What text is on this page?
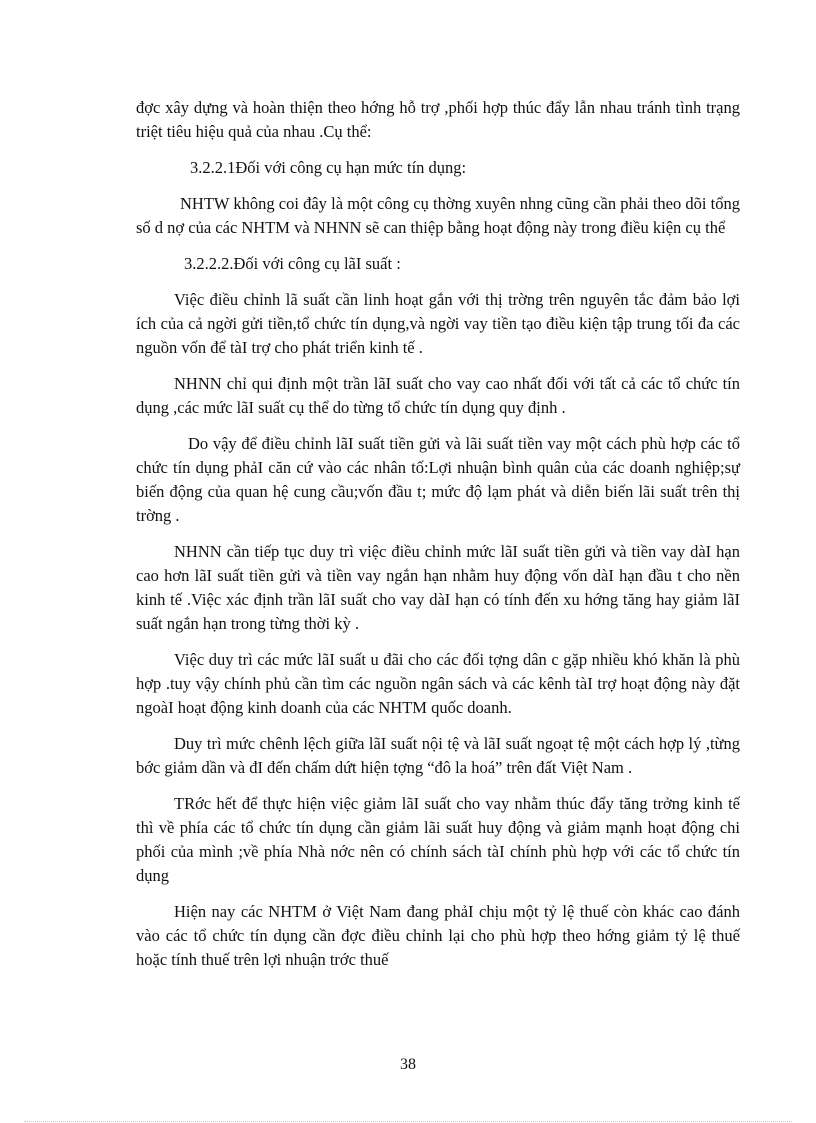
đợc xây dựng và hoàn thiện theo hớng hỗ trợ ,phối hợp thúc đẩy lẫn nhau tránh tình trạng triệt tiêu hiệu quả của nhau .Cụ thể:

3.2.2.1Đối với công cụ hạn mức tín dụng:

NHTW không coi đây là một công cụ thờng xuyên nhng cũng cần phải theo dõi tổng số d nợ của các NHTM và NHNN sẽ can thiệp bằng hoạt động này trong điều kiện cụ thể

3.2.2.2.Đối với công cụ lãI suất :

Việc điều chỉnh lã suất cần linh hoạt gắn với thị trờng trên nguyên tắc đảm bảo lợi ích của cả ngời gửi tiền,tổ chức tín dụng,và ngời vay tiền tạo điều kiện tập trung tối đa các nguồn vốn để tàI trợ cho phát triển kinh tế .

NHNN chỉ qui định một trần lãI suất cho vay cao nhất đối với tất cả các tổ chức tín dụng ,các mức lãI suất cụ thể do từng tổ chức tín dụng quy định .

Do vậy để điều chỉnh lãI suất tiền gửi và lãi suất tiền vay một cách phù hợp các tổ chức tín dụng phảI căn cứ vào các nhân tố:Lợi nhuận bình quân của các doanh nghiệp;sự biến động của quan hệ cung cầu;vốn đầu t; mức độ lạm phát và diễn biến lãi suất trên thị trờng .

NHNN cần tiếp tục duy trì việc điều chỉnh mức lãI suất tiền gửi và tiền vay dàI hạn cao hơn lãI suất tiền gửi và tiền vay ngắn hạn nhằm huy động vốn dàI hạn đầu t cho nền kinh tế .Việc xác định trần lãI suất cho vay dàI hạn có tính đến xu hớng tăng hay giảm lãI suất ngắn hạn trong từng thời kỳ .

Việc duy trì các mức lãI suất u đãi cho các đối tợng dân c gặp nhiều khó khăn là phù hợp .tuy vậy chính phủ cần tìm các nguồn ngân sách và các kênh tàI trợ hoạt động này đặt ngoàI hoạt động kinh doanh của các NHTM quốc doanh.

Duy trì mức chênh lệch giữa lãI suất nội tệ và lãI suất ngoạt tệ một cách hợp lý ,từng bớc giảm dần và đI đến chấm dứt hiện tợng “đô la hoá” trên đất Việt Nam .

TRớc hết để thực hiện việc giảm lãI suất cho vay nhằm thúc đẩy tăng trởng kinh tế thì về phía các tổ chức tín dụng cần giảm lãi suất huy động và giảm mạnh hoạt động chi phối của mình ;về phía Nhà nớc nên có chính sách tàI chính phù hợp với các tổ chức tín dụng

Hiện nay các NHTM ở Việt Nam đang phảI chịu một tỷ lệ thuế còn khác cao đánh vào các tổ chức tín dụng cần đợc điều chỉnh lại cho phù hợp theo hớng giảm tỷ lệ thuế hoặc tính thuế trên lợi nhuận trớc thuế

38
